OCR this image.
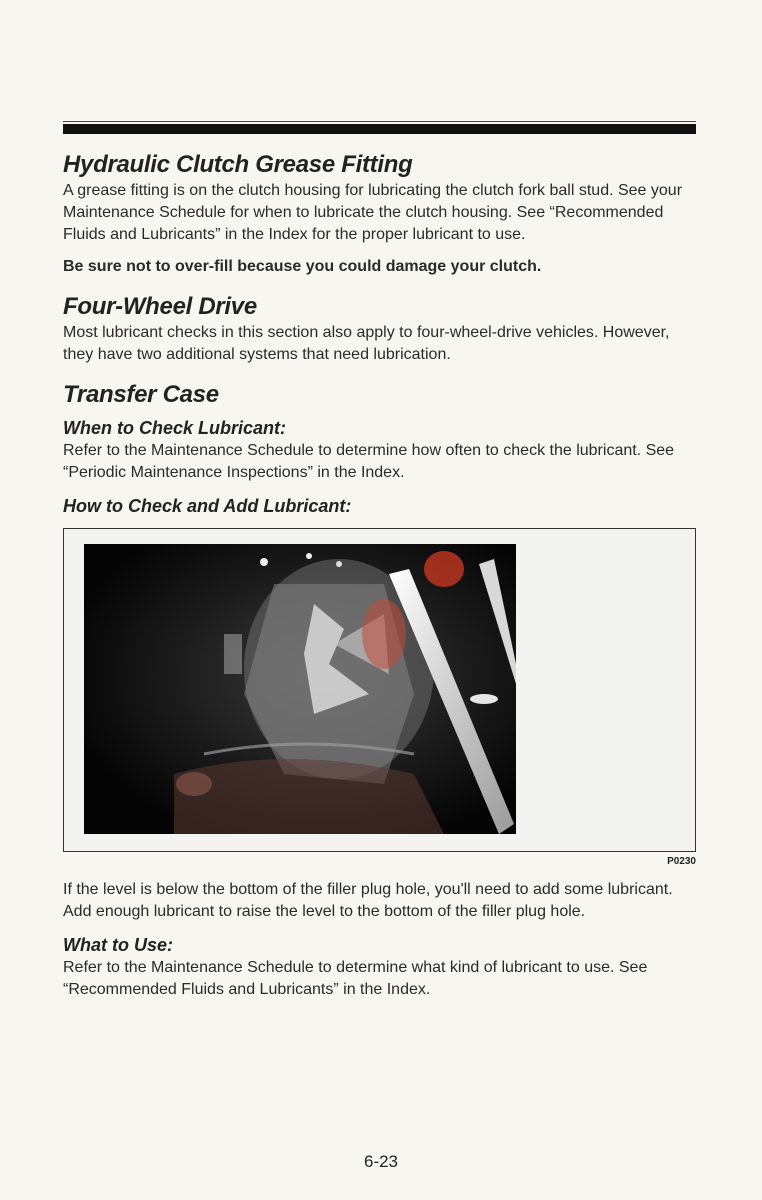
Hydraulic Clutch Grease Fitting

A grease fitting is on the clutch housing for lubricating the clutch fork ball stud. See your Maintenance Schedule for when to lubricate the clutch housing. See “Recommended Fluids and Lubricants” in the Index for the proper lubricant to use.

Be sure not to over-fill because you could damage your clutch.

Four-Wheel Drive

Most lubricant checks in this section also apply to four-wheel-drive vehicles. However, they have two additional systems that need lubrication.

Transfer Case
When to Check Lubricant:

Refer to the Maintenance Schedule to determine how often to check the lubricant. See “Periodic Maintenance Inspections” in the Index.

How to Check and Add Lubricant:
P0230

If the level is below the bottom of the filler plug hole, you'll need to add some lubricant. Add enough lubricant to raise the level to the bottom of the filler plug hole.

What to Use:

Refer to the Maintenance Schedule to determine what kind of lubricant to use. See “Recommended Fluids and Lubricants” in the Index.

6-23
